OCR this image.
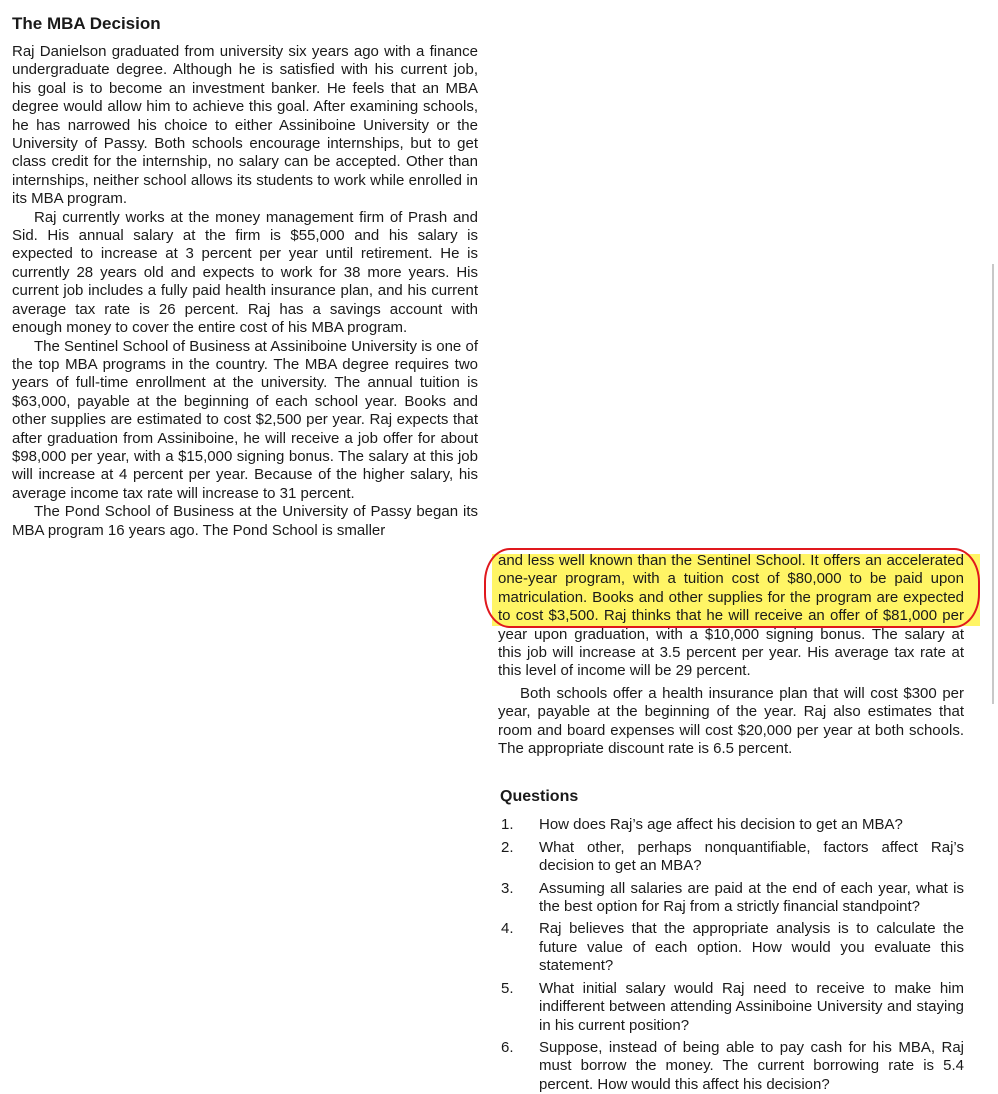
The MBA Decision

Raj Danielson graduated from university six years ago with a finance undergraduate degree. Although he is satisfied with his current job, his goal is to become an investment banker. He feels that an MBA degree would allow him to achieve this goal. After examining schools, he has narrowed his choice to either Assiniboine University or the University of Passy. Both schools encourage internships, but to get class credit for the internship, no salary can be accepted. Other than internships, neither school allows its students to work while enrolled in its MBA program.

Raj currently works at the money management firm of Prash and Sid. His annual salary at the firm is $55,000 and his salary is expected to increase at 3 percent per year until retirement. He is currently 28 years old and expects to work for 38 more years. His current job includes a fully paid health insurance plan, and his current average tax rate is 26 percent. Raj has a savings account with enough money to cover the entire cost of his MBA program.

The Sentinel School of Business at Assiniboine University is one of the top MBA programs in the country. The MBA degree requires two years of full-time enrollment at the university. The annual tuition is $63,000, payable at the beginning of each school year. Books and other supplies are estimated to cost $2,500 per year. Raj expects that after graduation from Assiniboine, he will receive a job offer for about $98,000 per year, with a $15,000 signing bonus. The salary at this job will increase at 4 percent per year. Because of the higher salary, his average income tax rate will increase to 31 percent.

The Pond School of Business at the University of Passy began its MBA program 16 years ago. The Pond School is smaller

and less well known than the Sentinel School. It offers an accelerated one-year program, with a tuition cost of $80,000 to be paid upon matriculation. Books and other supplies for the program are expected to cost $3,500. Raj thinks that he will receive an offer of $81,000 per year upon graduation, with a $10,000 signing bonus. The salary at this job will increase at 3.5 percent per year. His average tax rate at this level of income will be 29 percent.

Both schools offer a health insurance plan that will cost $300 per year, payable at the beginning of the year. Raj also estimates that room and board expenses will cost $20,000 per year at both schools. The appropriate discount rate is 6.5 percent.

Questions
1.	How does Raj’s age affect his decision to get an MBA?
2.	What other, perhaps nonquantifiable, factors affect Raj’s decision to get an MBA?
3.	Assuming all salaries are paid at the end of each year, what is the best option for Raj from a strictly financial standpoint?
4.	Raj believes that the appropriate analysis is to calculate the future value of each option. How would you evaluate this statement?
5.	What initial salary would Raj need to receive to make him indifferent between attending Assiniboine University and staying in his current position?
6.	Suppose, instead of being able to pay cash for his MBA, Raj must borrow the money. The current borrowing rate is 5.4 percent. How would this affect his decision?
